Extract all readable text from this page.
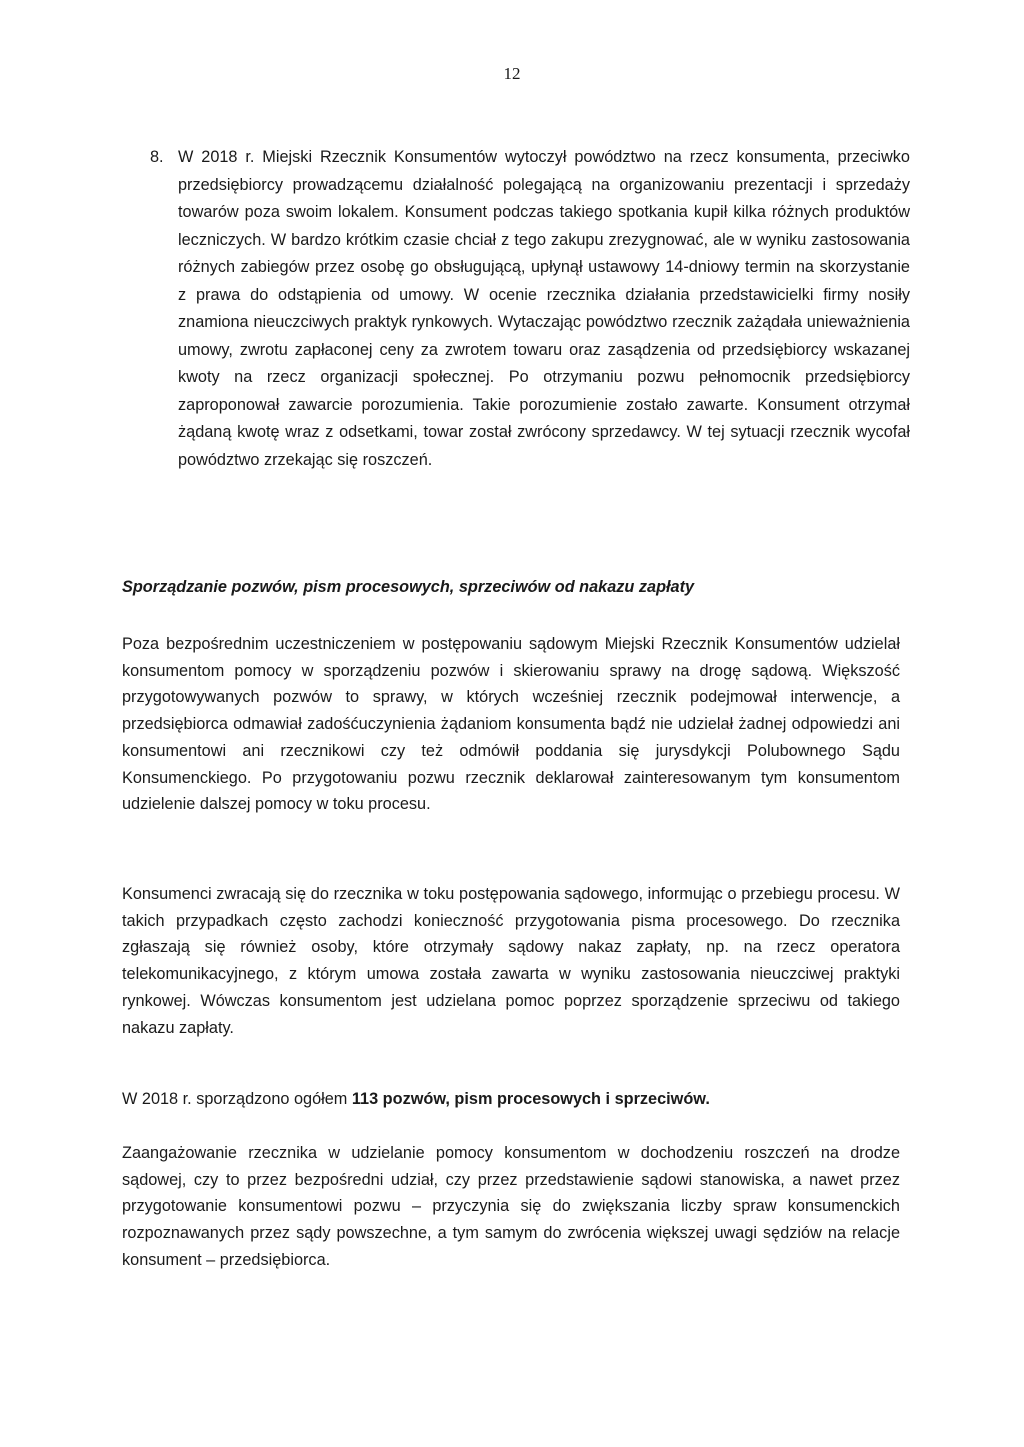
12
8. W 2018 r. Miejski Rzecznik Konsumentów wytoczył powództwo na rzecz konsumenta, przeciwko przedsiębiorcy prowadzącemu działalność polegającą na organizowaniu prezentacji i sprzedaży towarów poza swoim lokalem. Konsument podczas takiego spotkania kupił kilka różnych produktów leczniczych. W bardzo krótkim czasie chciał z tego zakupu zrezygnować, ale w wyniku zastosowania różnych zabiegów przez osobę go obsługującą, upłynął ustawowy 14-dniowy termin na skorzystanie z prawa do odstąpienia od umowy. W ocenie rzecznika działania przedstawicielki firmy nosiły znamiona nieuczciwych praktyk rynkowych. Wytaczając powództwo rzecznik zażądała unieważnienia umowy, zwrotu zapłaconej ceny za zwrotem towaru oraz zasądzenia od przedsiębiorcy wskazanej kwoty na rzecz organizacji społecznej. Po otrzymaniu pozwu pełnomocnik przedsiębiorcy zaproponował zawarcie porozumienia. Takie porozumienie zostało zawarte. Konsument otrzymał żądaną kwotę wraz z odsetkami, towar został zwrócony sprzedawcy. W tej sytuacji rzecznik wycofał powództwo zrzekając się roszczeń.
Sporządzanie pozwów, pism procesowych, sprzeciwów od nakazu zapłaty
Poza bezpośrednim uczestniczeniem w postępowaniu sądowym Miejski Rzecznik Konsumentów udzielał konsumentom pomocy w sporządzeniu pozwów i skierowaniu sprawy na drogę sądową. Większość przygotowywanych pozwów to sprawy, w których wcześniej rzecznik podejmował interwencje, a przedsiębiorca odmawiał zadośćuczynienia żądaniom konsumenta bądź nie udzielał żadnej odpowiedzi ani konsumentowi ani rzecznikowi czy też odmówił poddania się jurysdykcji Polubownego Sądu Konsumenckiego. Po przygotowaniu pozwu rzecznik deklarował zainteresowanym tym konsumentom udzielenie dalszej pomocy w toku procesu.
Konsumenci zwracają się do rzecznika w toku postępowania sądowego, informując o przebiegu procesu. W takich przypadkach często zachodzi konieczność przygotowania pisma procesowego. Do rzecznika zgłaszają się również osoby, które otrzymały sądowy nakaz zapłaty, np. na rzecz operatora telekomunikacyjnego, z którym umowa została zawarta w wyniku zastosowania nieuczciwej praktyki rynkowej. Wówczas konsumentom jest udzielana pomoc poprzez sporządzenie sprzeciwu od takiego nakazu zapłaty.
W 2018 r. sporządzono ogółem 113 pozwów, pism procesowych i sprzeciwów.
Zaangażowanie rzecznika w udzielanie pomocy konsumentom w dochodzeniu roszczeń na drodze sądowej, czy to przez bezpośredni udział, czy przez przedstawienie sądowi stanowiska, a nawet przez przygotowanie konsumentowi pozwu – przyczynia się do zwiększania liczby spraw konsumenckich rozpoznawanych przez sądy powszechne, a tym samym do zwrócenia większej uwagi sędziów na relacje konsument – przedsiębiorca.
